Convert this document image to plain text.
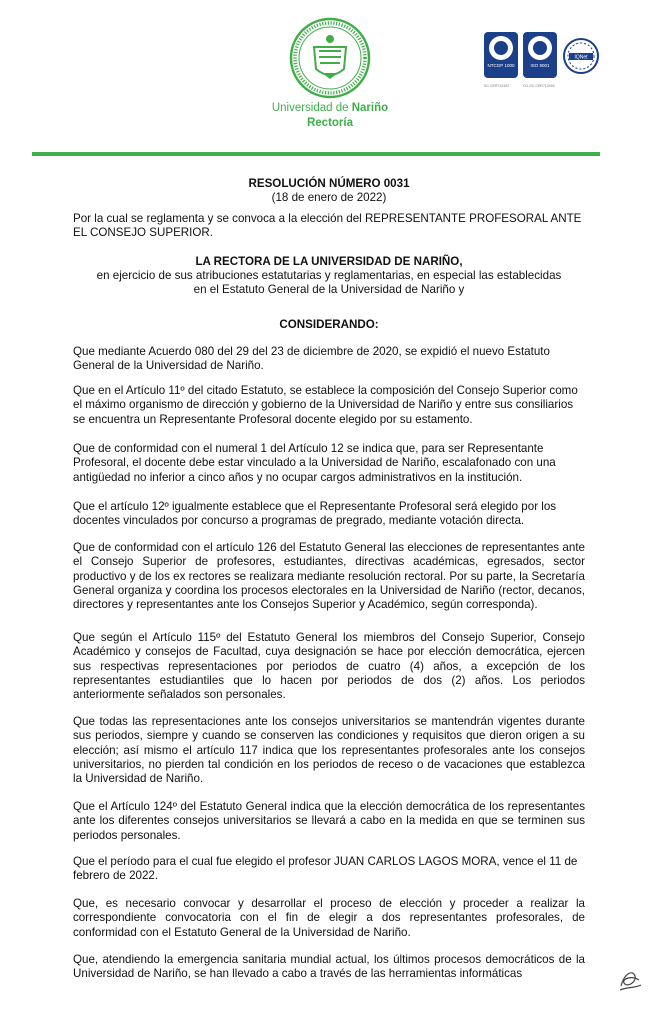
Universidad de Nariño
Rectoría
NTCGP 1000
SC-CER712492
ISO 9001
CO-SC-CER712493
IQNet

RESOLUCIÓN NÚMERO 0031

(18 de enero de 2022)

Por la cual se reglamenta y se convoca a la elección del REPRESENTANTE PROFESORAL ANTE EL CONSEJO SUPERIOR.

LA RECTORA DE LA UNIVERSIDAD DE NARIÑO,

en ejercicio de sus atribuciones estatutarias y reglamentarias, en especial las establecidas

en el Estatuto General de la Universidad de Nariño y

CONSIDERANDO:

Que mediante Acuerdo 080 del 29 del 23 de diciembre de 2020, se expidió el nuevo Estatuto General de la Universidad de Nariño.

Que en el Artículo 11º del citado Estatuto, se establece la composición del Consejo Superior como el máximo organismo de dirección y gobierno de la Universidad de Nariño y entre sus consiliarios se encuentra un Representante Profesoral docente elegido por su estamento.

Que de conformidad con el numeral 1 del Artículo 12 se indica que, para ser Representante Profesoral, el docente debe estar vinculado a la Universidad de Nariño, escalafonado con una antigüedad no inferior a cinco años y no ocupar cargos administrativos en la institución.

Que el artículo 12º igualmente establece que el Representante Profesoral será elegido por los docentes vinculados por concurso a programas de pregrado, mediante votación directa.

Que de conformidad con el artículo 126 del Estatuto General las elecciones de representantes ante el Consejo Superior de profesores, estudiantes, directivas académicas, egresados, sector productivo y de los ex rectores se realizara mediante resolución rectoral. Por su parte, la Secretaría General organiza y coordina los procesos electorales en la Universidad de Nariño (rector, decanos, directores y representantes ante los Consejos Superior y Académico, según corresponda).

Que según el Artículo 115º del Estatuto General los miembros del Consejo Superior, Consejo Académico y consejos de Facultad, cuya designación se hace por elección democrática, ejercen sus respectivas representaciones por periodos de cuatro (4) años, a excepción de los representantes estudiantiles que lo hacen por periodos de dos (2) años. Los periodos anteriormente señalados son personales.

Que todas las representaciones ante los consejos universitarios se mantendrán vigentes durante sus periodos, siempre y cuando se conserven las condiciones y requisitos que dieron origen a su elección; así mismo el artículo 117 indica que los representantes profesorales ante los consejos universitarios, no pierden tal condición en los periodos de receso o de vacaciones que establezca la Universidad de Nariño.

Que el Artículo 124º del Estatuto General indica que la elección democrática de los representantes ante los diferentes consejos universitarios se llevará a cabo en la medida en que se terminen sus periodos personales.

Que el período para el cual fue elegido el profesor JUAN CARLOS LAGOS MORA, vence el 11 de febrero de 2022.

Que, es necesario convocar y desarrollar el proceso de elección y proceder a realizar la correspondiente convocatoria con el fin de elegir a dos representantes profesorales, de conformidad con el Estatuto General de la Universidad de Nariño.

Que, atendiendo la emergencia sanitaria mundial actual, los últimos procesos democráticos de la Universidad de Nariño, se han llevado a cabo a través de las herramientas informáticas
